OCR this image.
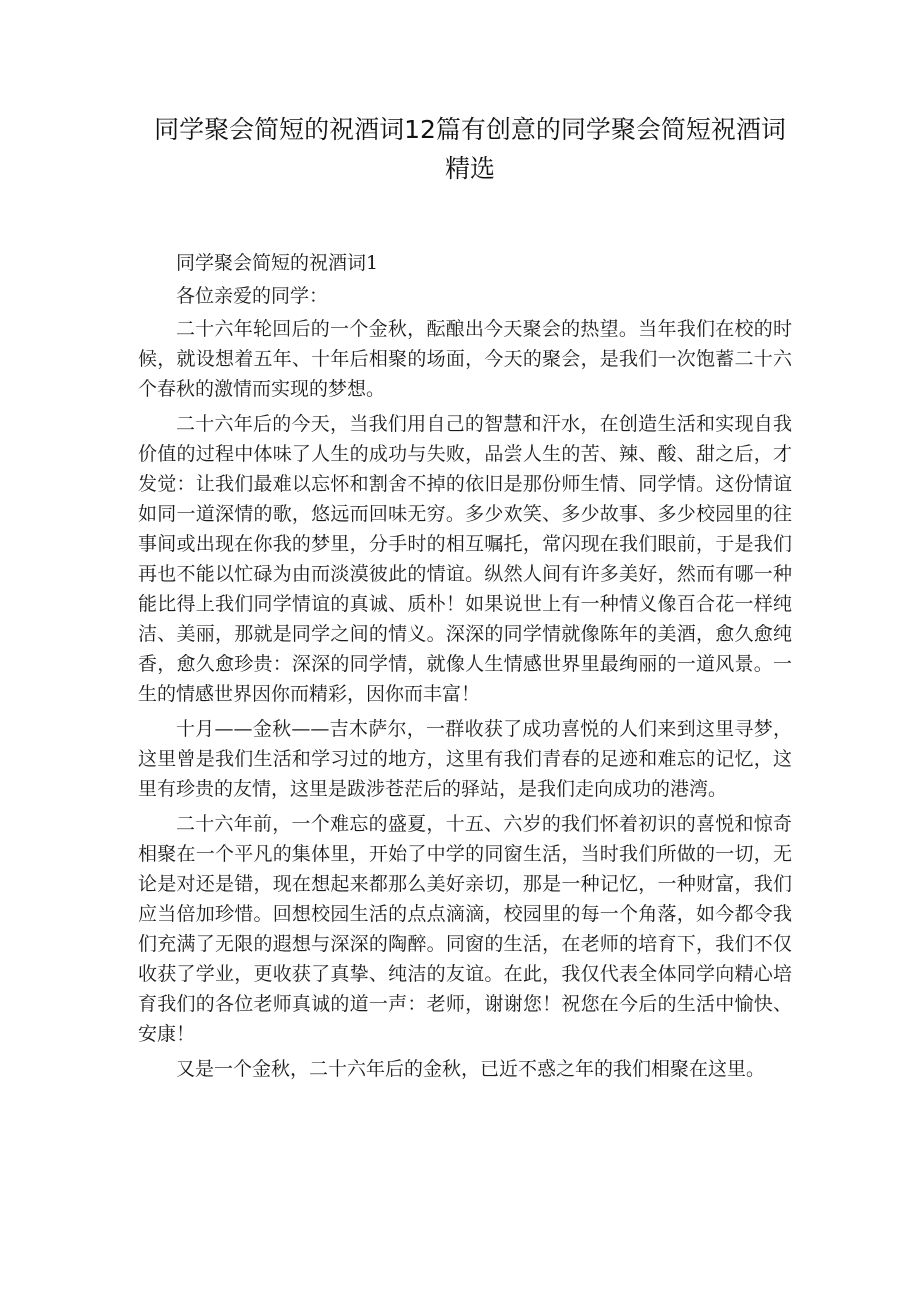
同学聚会简短的祝酒词12篇有创意的同学聚会简短祝酒词精选

同学聚会简短的祝酒词1

各位亲爱的同学：

二十六年轮回后的一个金秋，酝酿出今天聚会的热望。当年我们在校的时候，就设想着五年、十年后相聚的场面，今天的聚会，是我们一次饱蓄二十六个春秋的激情而实现的梦想。

二十六年后的今天，当我们用自己的智慧和汗水，在创造生活和实现自我价值的过程中体味了人生的成功与失败，品尝人生的苦、辣、酸、甜之后，才发觉：让我们最难以忘怀和割舍不掉的依旧是那份师生情、同学情。这份情谊如同一道深情的歌，悠远而回味无穷。多少欢笑、多少故事、多少校园里的往事间或出现在你我的梦里，分手时的相互嘱托，常闪现在我们眼前，于是我们再也不能以忙碌为由而淡漠彼此的情谊。纵然人间有许多美好，然而有哪一种能比得上我们同学情谊的真诚、质朴！如果说世上有一种情义像百合花一样纯洁、美丽，那就是同学之间的情义。深深的同学情就像陈年的美酒，愈久愈纯香，愈久愈珍贵：深深的同学情，就像人生情感世界里最绚丽的一道风景。一生的情感世界因你而精彩，因你而丰富！

十月——金秋——吉木萨尔，一群收获了成功喜悦的人们来到这里寻梦，这里曾是我们生活和学习过的地方，这里有我们青春的足迹和难忘的记忆，这里有珍贵的友情，这里是跋涉苍茫后的驿站，是我们走向成功的港湾。

二十六年前，一个难忘的盛夏，十五、六岁的我们怀着初识的喜悦和惊奇相聚在一个平凡的集体里，开始了中学的同窗生活，当时我们所做的一切，无论是对还是错，现在想起来都那么美好亲切，那是一种记忆，一种财富，我们应当倍加珍惜。回想校园生活的点点滴滴，校园里的每一个角落，如今都令我们充满了无限的遐想与深深的陶醉。同窗的生活，在老师的培育下，我们不仅收获了学业，更收获了真挚、纯洁的友谊。在此，我仅代表全体同学向精心培育我们的各位老师真诚的道一声：老师，谢谢您！祝您在今后的生活中愉快、安康！

又是一个金秋，二十六年后的金秋，已近不惑之年的我们相聚在这里。
